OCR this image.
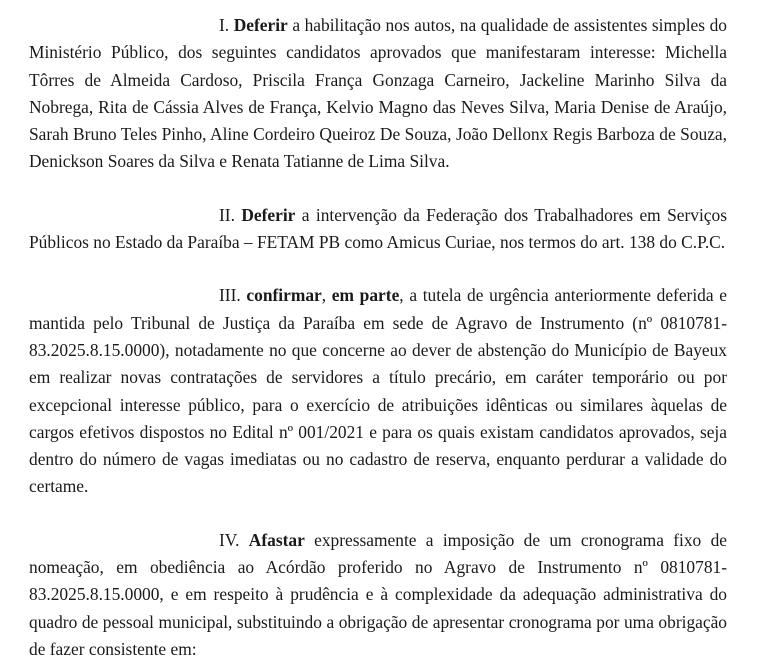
I. Deferir a habilitação nos autos, na qualidade de assistentes simples do Ministério Público, dos seguintes candidatos aprovados que manifestaram interesse: Michella Tôrres de Almeida Cardoso, Priscila França Gonzaga Carneiro, Jackeline Marinho Silva da Nobrega, Rita de Cássia Alves de França, Kelvio Magno das Neves Silva, Maria Denise de Araújo, Sarah Bruno Teles Pinho, Aline Cordeiro Queiroz De Souza, João Dellonx Regis Barboza de Souza, Denickson Soares da Silva e Renata Tatianne de Lima Silva.

II. Deferir a intervenção da Federação dos Trabalhadores em Serviços Públicos no Estado da Paraíba – FETAM PB como Amicus Curiae, nos termos do art. 138 do C.P.C.

III. confirmar, em parte, a tutela de urgência anteriormente deferida e mantida pelo Tribunal de Justiça da Paraíba em sede de Agravo de Instrumento (nº 0810781-83.2025.8.15.0000), notadamente no que concerne ao dever de abstenção do Município de Bayeux em realizar novas contratações de servidores a título precário, em caráter temporário ou por excepcional interesse público, para o exercício de atribuições idênticas ou similares àquelas de cargos efetivos dispostos no Edital nº 001/2021 e para os quais existam candidatos aprovados, seja dentro do número de vagas imediatas ou no cadastro de reserva, enquanto perdurar a validade do certame.

IV. Afastar expressamente a imposição de um cronograma fixo de nomeação, em obediência ao Acórdão proferido no Agravo de Instrumento nº 0810781-83.2025.8.15.0000, e em respeito à prudência e à complexidade da adequação administrativa do quadro de pessoal municipal, substituindo a obrigação de apresentar cronograma por uma obrigação de fazer consistente em:
